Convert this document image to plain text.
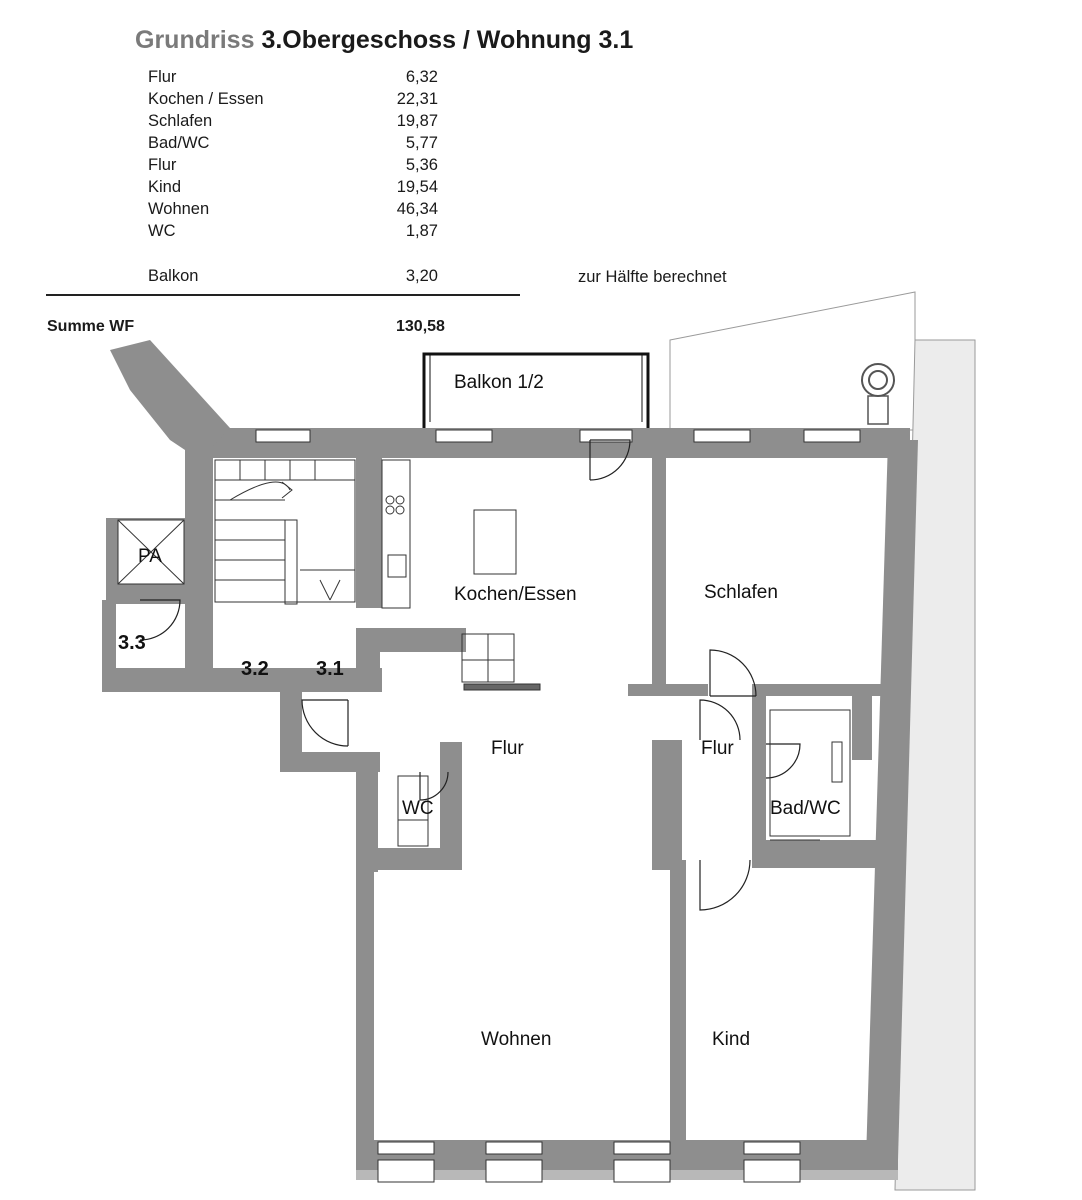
Grundriss 3.Obergeschoss / Wohnung 3.1
Flur	6,32
Kochen / Essen	22,31
Schlafen	19,87
Bad/WC	5,77
Flur	5,36
Kind	19,54
Wohnen	46,34
WC	1,87
Balkon	3,20	zur Hälfte berechnet
Summe WF	130,58
PA
Balkon 1/2
Kochen/Essen	Schlafen
Flur	Flur
WC	Bad/WC
Wohnen	Kind
3.3
3.2 3.1
